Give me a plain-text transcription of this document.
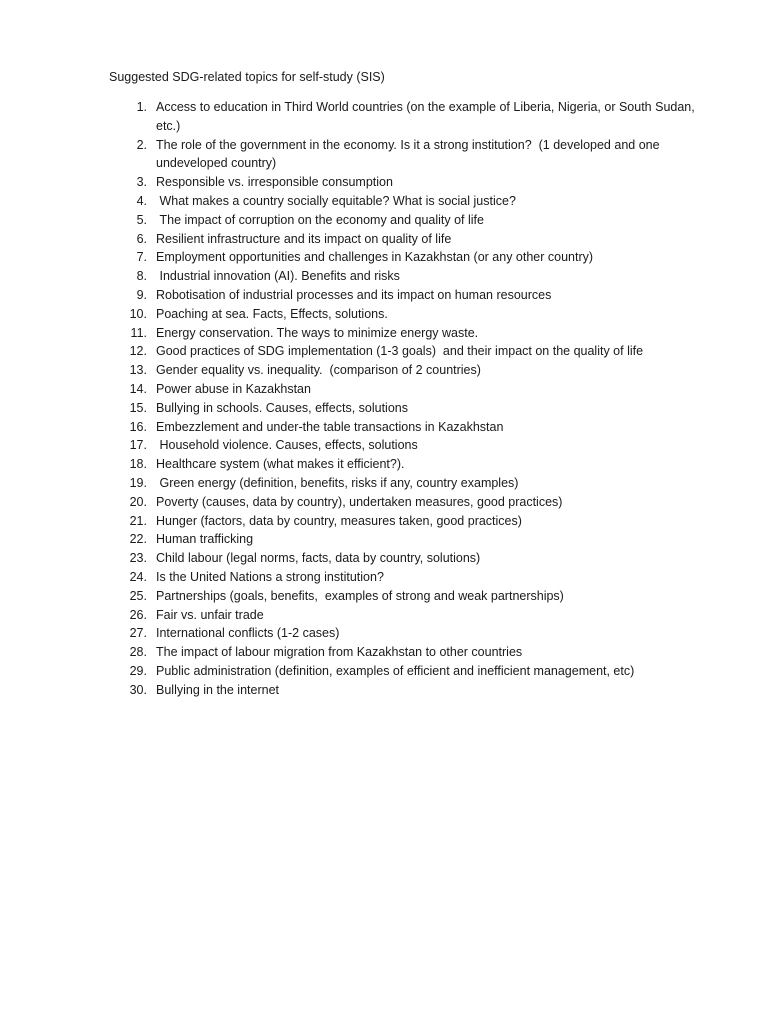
Suggested SDG-related topics for self-study (SIS)
1. Access to education in Third World countries (on the example of Liberia, Nigeria, or South Sudan, etc.)
2. The role of the government in the economy. Is it a strong institution?  (1 developed and one undeveloped country)
3. Responsible vs. irresponsible consumption
4. What makes a country socially equitable? What is social justice?
5. The impact of corruption on the economy and quality of life
6. Resilient infrastructure and its impact on quality of life
7. Employment opportunities and challenges in Kazakhstan (or any other country)
8. Industrial innovation (AI). Benefits and risks
9. Robotisation of industrial processes and its impact on human resources
10. Poaching at sea. Facts, Effects, solutions.
11. Energy conservation. The ways to minimize energy waste.
12. Good practices of SDG implementation (1-3 goals)  and their impact on the quality of life
13. Gender equality vs. inequality.  (comparison of 2 countries)
14. Power abuse in Kazakhstan
15. Bullying in schools. Causes, effects, solutions
16. Embezzlement and under-the table transactions in Kazakhstan
17. Household violence. Causes, effects, solutions
18. Healthcare system (what makes it efficient?).
19. Green energy (definition, benefits, risks if any, country examples)
20. Poverty (causes, data by country), undertaken measures, good practices)
21. Hunger (factors, data by country, measures taken, good practices)
22. Human trafficking
23. Child labour (legal norms, facts, data by country, solutions)
24. Is the United Nations a strong institution?
25. Partnerships (goals, benefits,  examples of strong and weak partnerships)
26. Fair vs. unfair trade
27. International conflicts (1-2 cases)
28. The impact of labour migration from Kazakhstan to other countries
29. Public administration (definition, examples of efficient and inefficient management, etc)
30. Bullying in the internet
